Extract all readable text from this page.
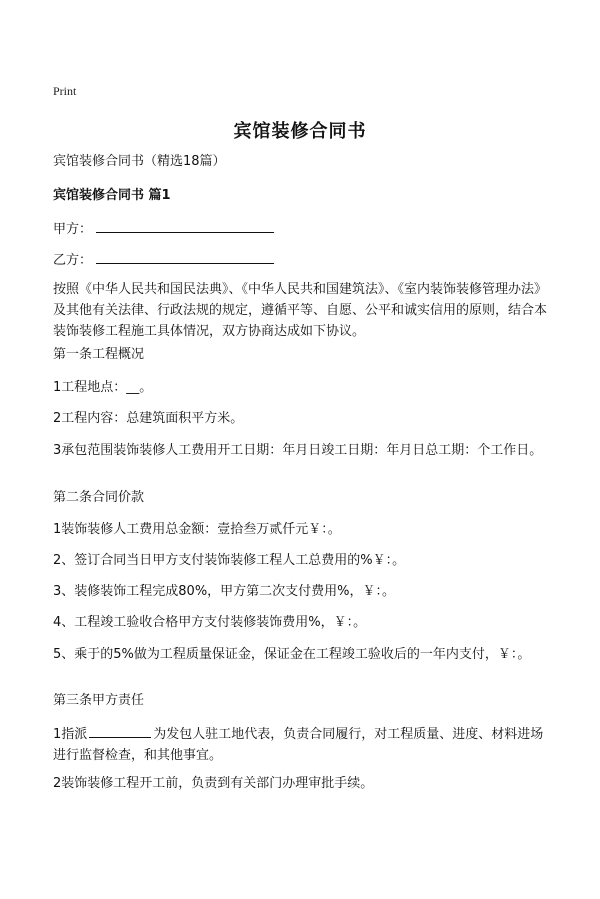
Print
宾馆装修合同书
宾馆装修合同书（精选18篇）
宾馆装修合同书 篇1
甲方：
乙方：
按照《中华人民共和国民法典》、《中华人民共和国建筑法》、《室内装饰装修管理办法》及其他有关法律、行政法规的规定，遵循平等、自愿、公平和诚实信用的原则，结合本装饰装修工程施工具体情况，双方协商达成如下协议。
第一条工程概况
1工程地点：__。
2工程内容：总建筑面积平方米。
3承包范围装饰装修人工费用开工日期：年月日竣工日期：年月日总工期：个工作日。
第二条合同价款
1装饰装修人工费用总金额：壹拾叁万贰仟元￥：。
2、签订合同当日甲方支付装饰装修工程人工总费用的%￥：。
3、装修装饰工程完成80%，甲方第二次支付费用%，￥：。
4、工程竣工验收合格甲方支付装修装饰费用%，￥：。
5、乘于的5%做为工程质量保证金，保证金在工程竣工验收后的一年内支付，￥：。
第三条甲方责任
1指派	为发包人驻工地代表，负责合同履行，对工程质量、进度、材料进场进行监督检查，和其他事宜。
2装饰装修工程开工前，负责到有关部门办理审批手续。
